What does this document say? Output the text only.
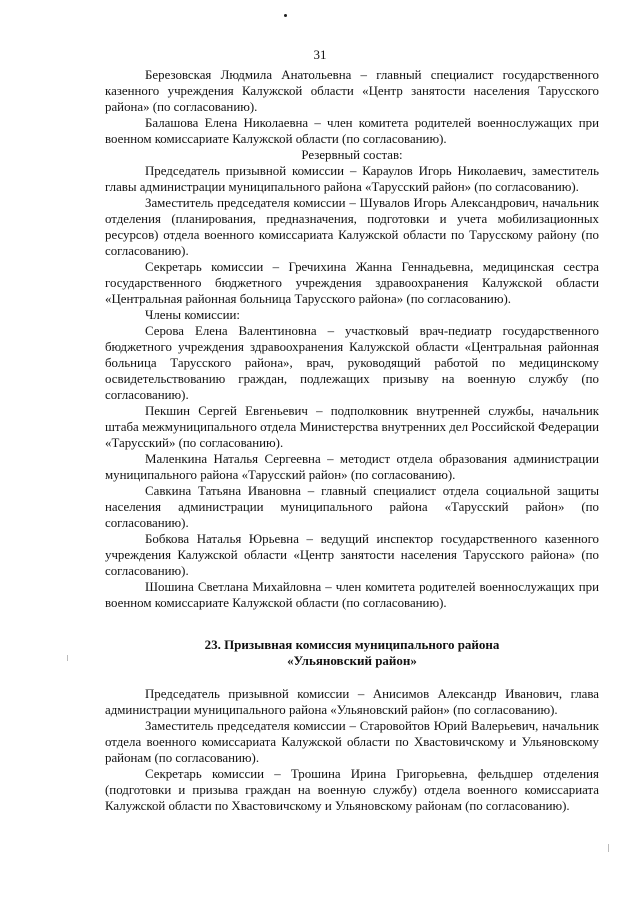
31

Березовская Людмила Анатольевна – главный специалист государственного казенного учреждения Калужской области «Центр занятости населения Тарусского района» (по согласованию).

Балашова Елена Николаевна – член комитета родителей военнослужащих при военном комиссариате Калужской области (по согласованию).

Резервный состав:

Председатель призывной комиссии – Караулов Игорь Николаевич, заместитель главы администрации муниципального района «Тарусский район» (по согласованию).

Заместитель председателя комиссии – Шувалов Игорь Александрович, начальник отделения (планирования, предназначения, подготовки и учета мобилизационных ресурсов) отдела военного комиссариата Калужской области по Тарусскому району (по согласованию).

Секретарь комиссии – Гречихина Жанна Геннадьевна, медицинская сестра государственного бюджетного учреждения здравоохранения Калужской области «Центральная районная больница Тарусского района» (по согласованию).

Члены комиссии:

Серова Елена Валентиновна – участковый врач-педиатр государственного бюджетного учреждения здравоохранения Калужской области «Центральная районная больница Тарусского района», врач, руководящий работой по медицинскому освидетельствованию граждан, подлежащих призыву на военную службу (по согласованию).

Пекшин Сергей Евгеньевич – подполковник внутренней службы, начальник штаба межмуниципального отдела Министерства внутренних дел Российской Федерации «Тарусский» (по согласованию).

Маленкина Наталья Сергеевна – методист отдела образования администрации муниципального района «Тарусский район» (по согласованию).

Савкина Татьяна Ивановна – главный специалист отдела социальной защиты населения администрации муниципального района «Тарусский район» (по согласованию).

Бобкова Наталья Юрьевна – ведущий инспектор государственного казенного учреждения Калужской области «Центр занятости населения Тарусского района» (по согласованию).

Шошина Светлана Михайловна – член комитета родителей военнослужащих при военном комиссариате Калужской области (по согласованию).

23. Призывная комиссия муниципального района
«Ульяновский район»

Председатель призывной комиссии – Анисимов Александр Иванович, глава администрации муниципального района «Ульяновский район» (по согласованию).

Заместитель председателя комиссии – Старовойтов Юрий Валерьевич, начальник отдела военного комиссариата Калужской области по Хвастовичскому и Ульяновскому районам (по согласованию).

Секретарь комиссии – Трошина Ирина Григорьевна, фельдшер отделения (подготовки и призыва граждан на военную службу) отдела военного комиссариата Калужской области по Хвастовичскому и Ульяновскому районам (по согласованию).
